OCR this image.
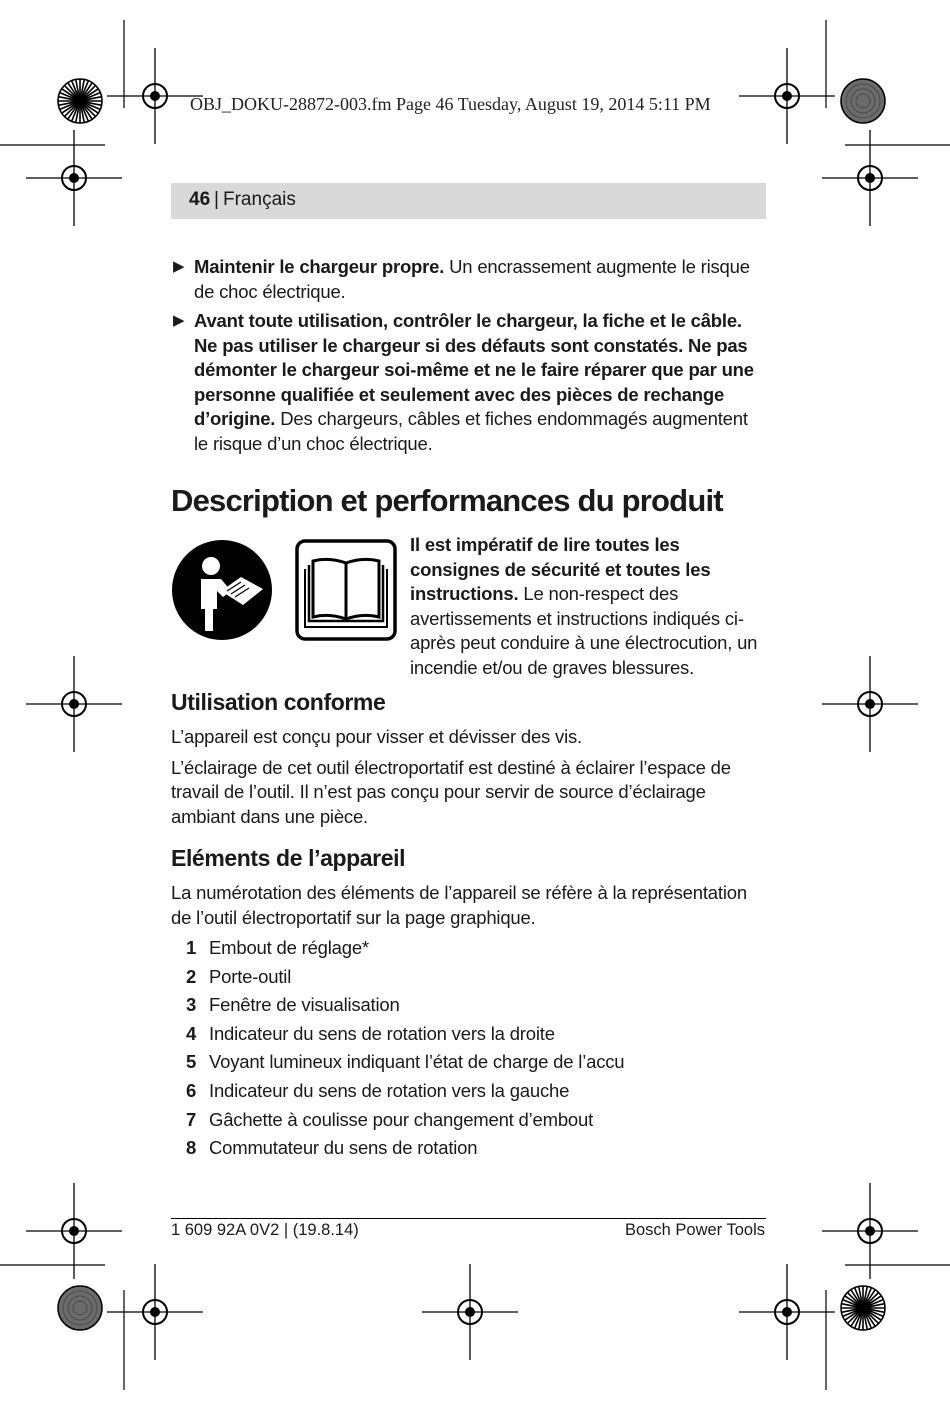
OBJ_DOKU-28872-003.fm Page 46 Tuesday, August 19, 2014 5:11 PM
46 | Français
▶ Maintenir le chargeur propre. Un encrassement augmente le risque de choc électrique.
▶ Avant toute utilisation, contrôler le chargeur, la fiche et le câble. Ne pas utiliser le chargeur si des défauts sont constatés. Ne pas démonter le chargeur soi-même et ne le faire réparer que par une personne qualifiée et seulement avec des pièces de rechange d’origine. Des chargeurs, câbles et fiches endommagés augmentent le risque d’un choc électrique.
Description et performances du produit
Il est impératif de lire toutes les consignes de sécurité et toutes les instructions. Le non-respect des avertissements et instructions indiqués ci-après peut conduire à une électrocution, un incendie et/ou de graves blessures.
Utilisation conforme

L’appareil est conçu pour visser et dévisser des vis.

L’éclairage de cet outil électroportatif est destiné à éclairer l’espace de travail de l’outil. Il n’est pas conçu pour servir de source d’éclairage ambiant dans une pièce.

Eléments de l’appareil

La numérotation des éléments de l’appareil se réfère à la représentation de l’outil électroportatif sur la page graphique.

1 Embout de réglage*
2 Porte-outil
3 Fenêtre de visualisation
4 Indicateur du sens de rotation vers la droite
5 Voyant lumineux indiquant l’état de charge de l’accu
6 Indicateur du sens de rotation vers la gauche
7 Gâchette à coulisse pour changement d’embout
8 Commutateur du sens de rotation
1 609 92A 0V2 | (19.8.14)	Bosch Power Tools
